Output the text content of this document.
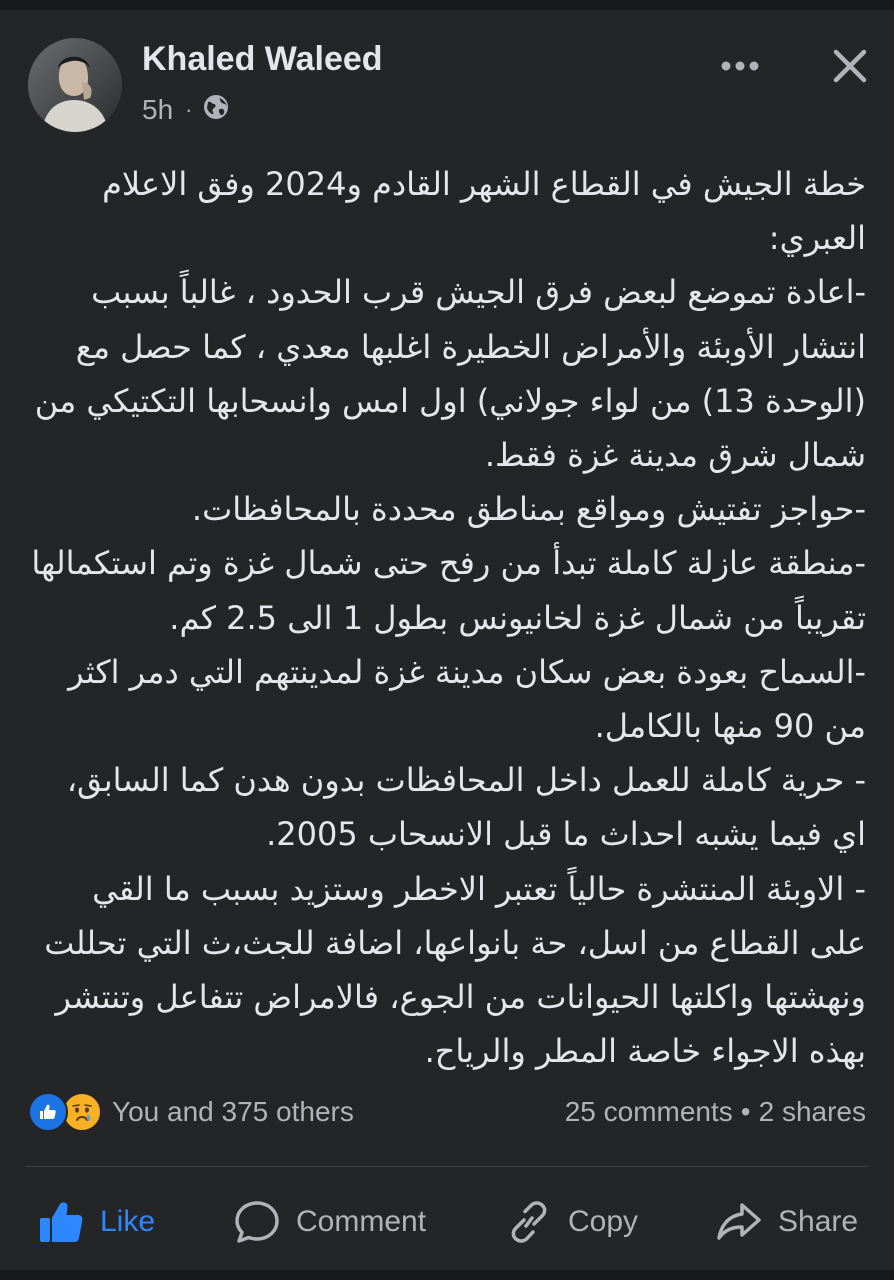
Khaled Waleed
5h ·

خطة الجيش في القطاع الشهر القادم و2024 وفق الاعلام العبري:

-اعادة تموضع لبعض فرق الجيش قرب الحدود ، غالباً بسبب انتشار الأوبئة والأمراض الخطيرة اغلبها معدي ، كما حصل مع (الوحدة 13) من لواء جولاني) اول امس وانسحابها التكتيكي من شمال شرق مدينة غزة فقط.

-حواجز تفتيش ومواقع بمناطق محددة بالمحافظات.

-منطقة عازلة كاملة تبدأ من رفح حتى شمال غزة وتم استكمالها تقريباً من شمال غزة لخانيونس بطول 1 الى 2.5 كم.

-السماح بعودة بعض سكان مدينة غزة لمدينتهم التي دمر اكثر من 90 منها بالكامل.

- حرية كاملة للعمل داخل المحافظات بدون هدن كما السابق، اي فيما يشبه احداث ما قبل الانسحاب 2005.

- الاوبئة المنتشرة حالياً تعتبر الاخطر وستزيد بسبب ما القي على القطاع من اسل، حة بانواعها، اضافة للجث،ث التي تحللت ونهشتها واكلتها الحيوانات من الجوع، فالامراض تتفاعل وتنتشر بهذه الاجواء خاصة المطر والرياح.

You and 375 others	25 comments • 2 shares
Like	Comment	Copy	Share
